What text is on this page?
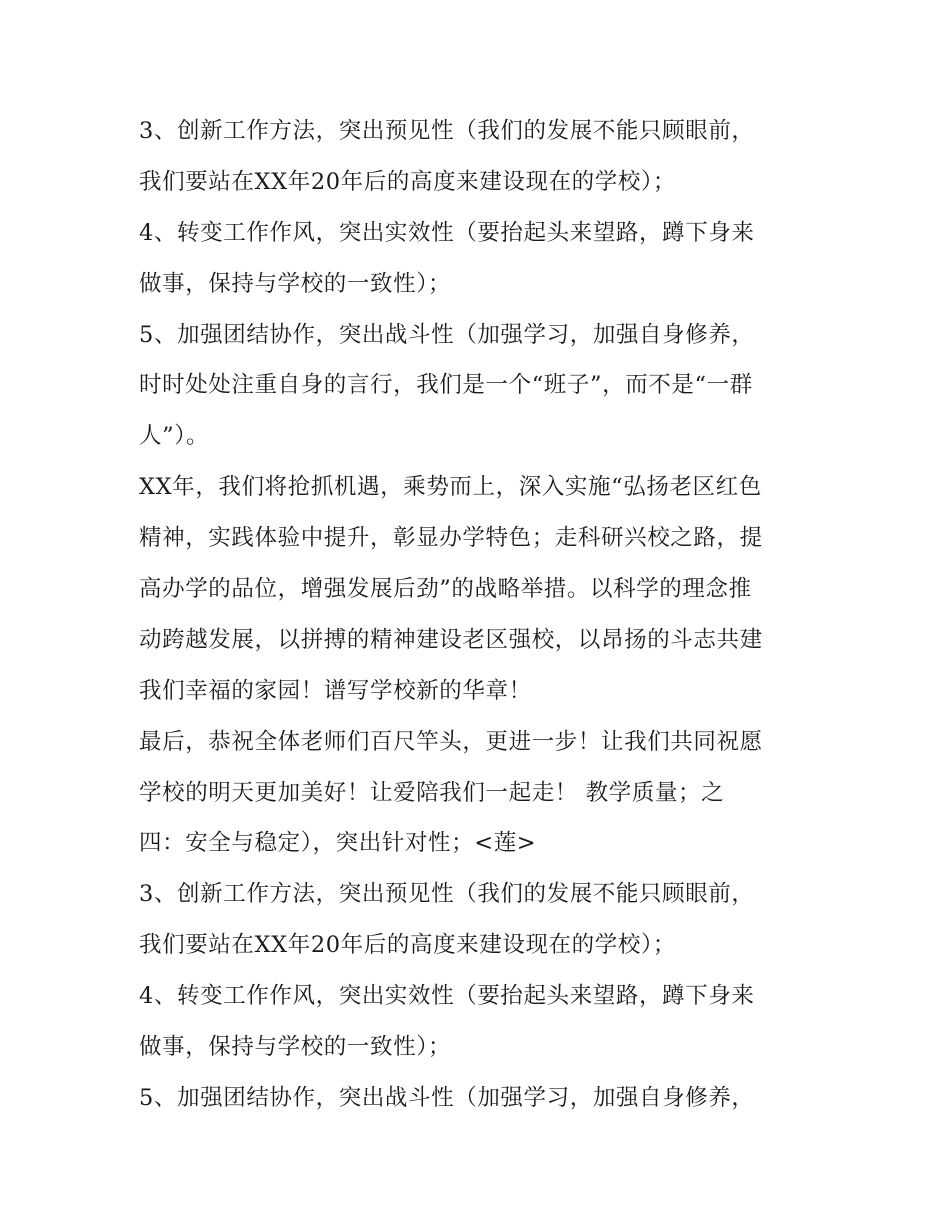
3、创新工作方法，突出预见性（我们的发展不能只顾眼前，
我们要站在XX年20年后的高度来建设现在的学校）；
4、转变工作作风，突出实效性（要抬起头来望路，蹲下身来
做事，保持与学校的一致性）；
5、加强团结协作，突出战斗性（加强学习，加强自身修养，
时时处处注重自身的言行，我们是一个“班子”，而不是“一群
人”）。
XX年，我们将抢抓机遇，乘势而上，深入实施“弘扬老区红色
精神，实践体验中提升，彰显办学特色；走科研兴校之路，提
高办学的品位，增强发展后劲”的战略举措。以科学的理念推
动跨越发展，以拼搏的精神建设老区强校，以昂扬的斗志共建
我们幸福的家园！谱写学校新的华章！
最后，恭祝全体老师们百尺竿头，更进一步！让我们共同祝愿
学校的明天更加美好！让爱陪我们一起走！ 教学质量；之
四：安全与稳定），突出针对性；<莲>
3、创新工作方法，突出预见性（我们的发展不能只顾眼前，
我们要站在XX年20年后的高度来建设现在的学校）；
4、转变工作作风，突出实效性（要抬起头来望路，蹲下身来
做事，保持与学校的一致性）；
5、加强团结协作，突出战斗性（加强学习，加强自身修养，
